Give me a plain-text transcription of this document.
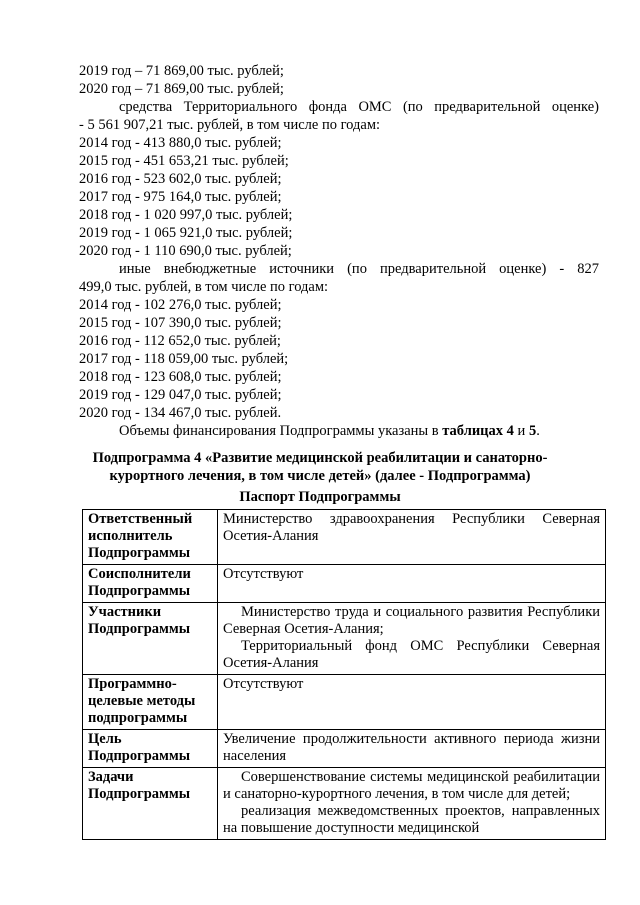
2019 год – 71 869,00 тыс. рублей;
2020 год – 71 869,00 тыс. рублей;
средства Территориального фонда ОМС (по предварительной оценке)
- 5 561 907,21 тыс. рублей, в том числе по годам:
2014 год - 413 880,0 тыс. рублей;
2015 год - 451 653,21 тыс. рублей;
2016 год - 523 602,0 тыс. рублей;
2017 год - 975 164,0 тыс. рублей;
2018 год - 1 020 997,0 тыс. рублей;
2019 год - 1 065 921,0 тыс. рублей;
2020 год - 1 110 690,0 тыс. рублей;
иные внебюджетные источники (по предварительной оценке) - 827
499,0 тыс. рублей, в том числе по годам:
2014 год - 102 276,0 тыс. рублей;
2015 год - 107 390,0 тыс. рублей;
2016 год - 112 652,0 тыс. рублей;
2017 год - 118 059,00 тыс. рублей;
2018 год - 123 608,0 тыс. рублей;
2019 год - 129 047,0 тыс. рублей;
2020 год - 134 467,0 тыс. рублей.
Объемы финансирования Подпрограммы указаны в таблицах 4 и 5.
Подпрограмма 4 «Развитие медицинской реабилитации и санаторно-
курортного лечения, в том числе детей» (далее - Подпрограмма)
Паспорт Подпрограммы
Ответственный исполнитель Подпрограммы	Министерство здравоохранения Республики Северная Осетия-Алания
Соисполнители Подпрограммы	Отсутствуют
Участники Подпрограммы	Министерство труда и социального развития Республики Северная Осетия-Алания;
Территориальный фонд ОМС Республики Северная Осетия-Алания

Программно-целевые методы подпрограммы	Отсутствуют
Цель Подпрограммы	Увеличение продолжительности активного периода жизни населения
Задачи Подпрограммы	Совершенствование системы медицинской реабилитации и санаторно-курортного лечения, в том числе для детей;
реализация межведомственных проектов, направленных на повышение доступности медицинской
